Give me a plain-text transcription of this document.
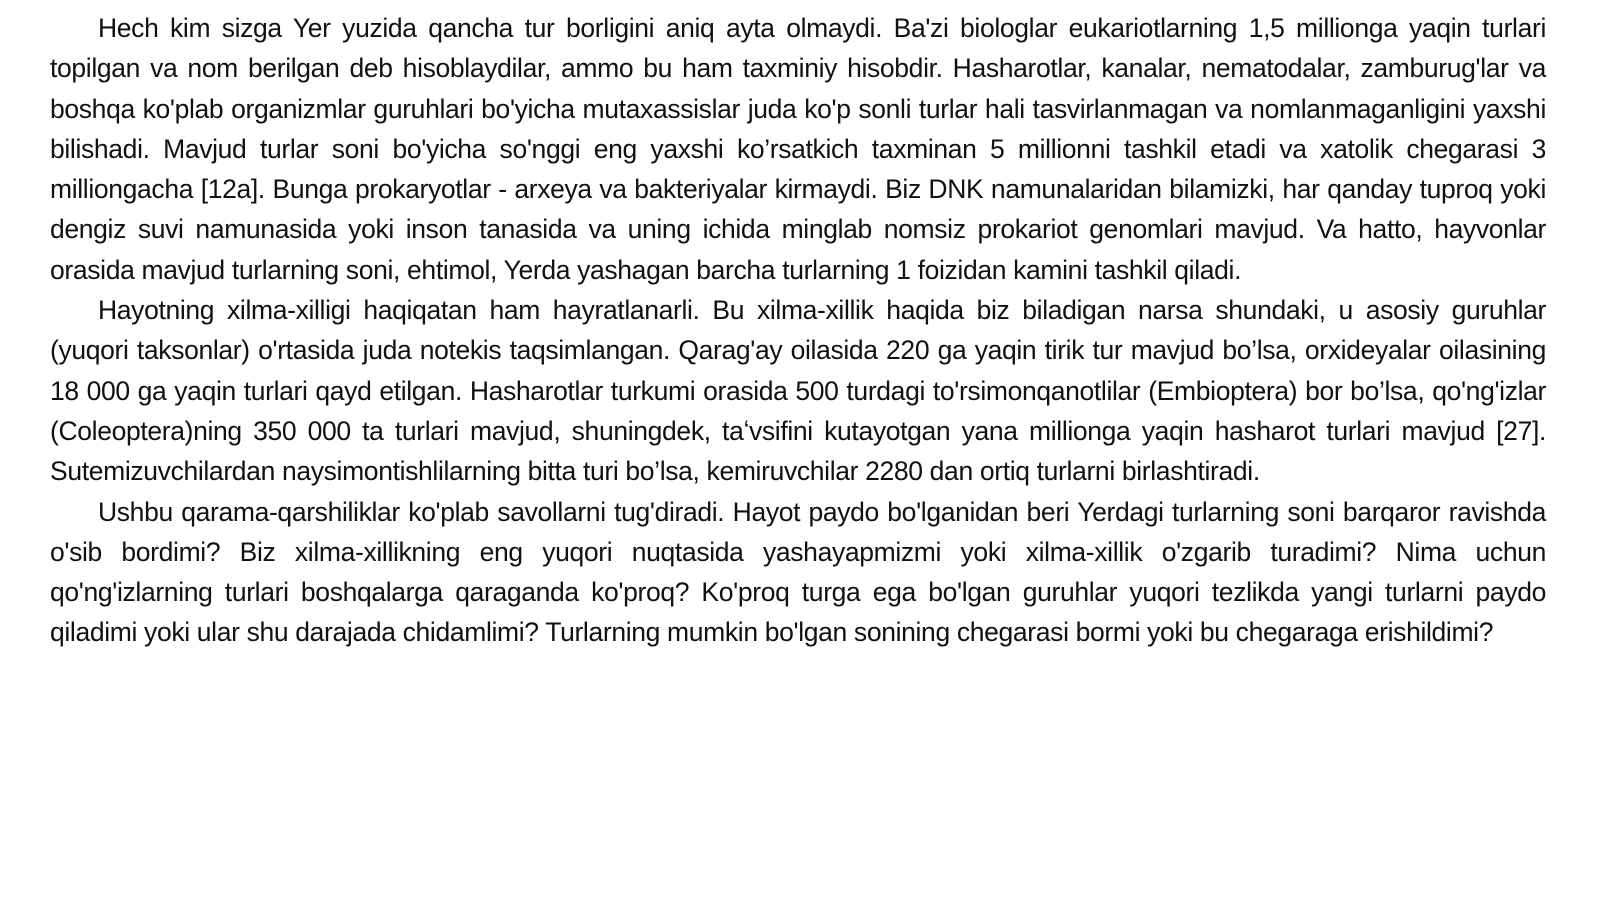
Hech kim sizga Yer yuzida qancha tur borligini aniq ayta olmaydi. Ba'zi biologlar eukariotlarning 1,5 millionga yaqin turlari topilgan va nom berilgan deb hisoblaydilar, ammo bu ham taxminiy hisobdir. Hasharotlar, kanalar, nematodalar, zamburug'lar va boshqa ko'plab organizmlar guruhlari bo'yicha mutaxassislar juda ko'p sonli turlar hali tasvirlanmagan va nomlanmaganligini yaxshi bilishadi. Mavjud turlar soni bo'yicha so'nggi eng yaxshi ko’rsatkich taxminan 5 millionni tashkil etadi va xatolik chegarasi 3 milliongacha [12a]. Bunga prokaryotlar - arxeya va bakteriyalar kirmaydi. Biz DNK namunalaridan bilamizki, har qanday tuproq yoki dengiz suvi namunasida yoki inson tanasida va uning ichida minglab nomsiz prokariot genomlari mavjud. Va hatto, hayvonlar orasida mavjud turlarning soni, ehtimol, Yerda yashagan barcha turlarning 1 foizidan kamini tashkil qiladi.

Hayotning xilma-xilligi haqiqatan ham hayratlanarli. Bu xilma-xillik haqida biz biladigan narsa shundaki, u asosiy guruhlar (yuqori taksonlar) o'rtasida juda notekis taqsimlangan. Qarag'ay oilasida 220 ga yaqin tirik tur mavjud bo’lsa, orxideyalar oilasining 18 000 ga yaqin turlari qayd etilgan. Hasharotlar turkumi orasida 500 turdagi to'rsimonqanotlilar (Embioptera) bor bo’lsa, qo'ng'izlar (Coleoptera)ning 350 000 ta turlari mavjud, shuningdek, taʻvsifini kutayotgan yana millionga yaqin hasharot turlari mavjud [27]. Sutemizuvchilardan naysimontishlilarning bitta turi bo’lsa, kemiruvchilar 2280 dan ortiq turlarni birlashtiradi.

Ushbu qarama-qarshiliklar ko'plab savollarni tug'diradi. Hayot paydo bo'lganidan beri Yerdagi turlarning soni barqaror ravishda o'sib bordimi? Biz xilma-xillikning eng yuqori nuqtasida yashayapmizmi yoki xilma-xillik o'zgarib turadimi? Nima uchun qo'ng'izlarning turlari boshqalarga qaraganda ko'proq? Ko'proq turga ega bo'lgan guruhlar yuqori tezlikda yangi turlarni paydo qiladimi yoki ular shu darajada chidamlimi? Turlarning mumkin bo'lgan sonining chegarasi bormi yoki bu chegaraga erishildimi?
